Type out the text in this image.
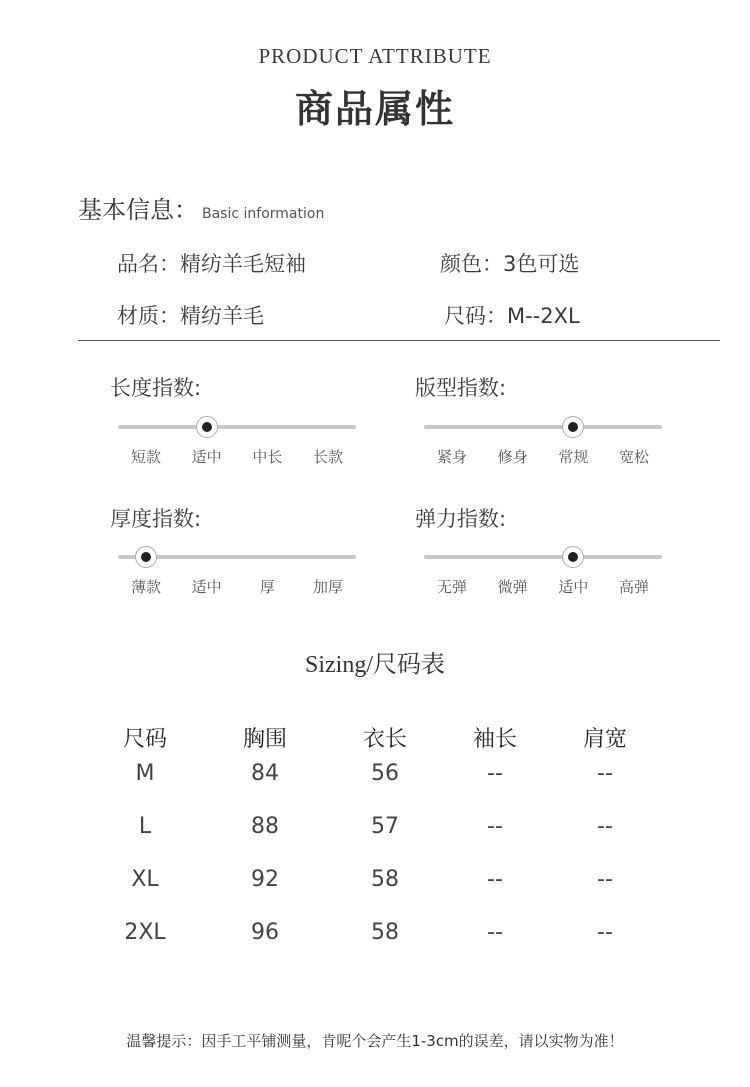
PRODUCT ATTRIBUTE
商品属性
基本信息： Basic information
品名：精纺羊毛短袖	颜色：3色可选
材质：精纺羊毛	尺码：M--2XL
长度指数:
短款	适中	中长	长款
版型指数:
紧身	修身	常规	宽松
厚度指数:
薄款	适中	厚	加厚
弹力指数:
无弹	微弹	适中	高弹
Sizing/尺码表
尺码	胸围	衣长	袖长	肩宽
M	84	56	--	--
L	88	57	--	--
XL	92	58	--	--
2XL	96	58	--	--
温馨提示：因手工平铺测量，肯呢个会产生1-3cm的误差，请以实物为准！
